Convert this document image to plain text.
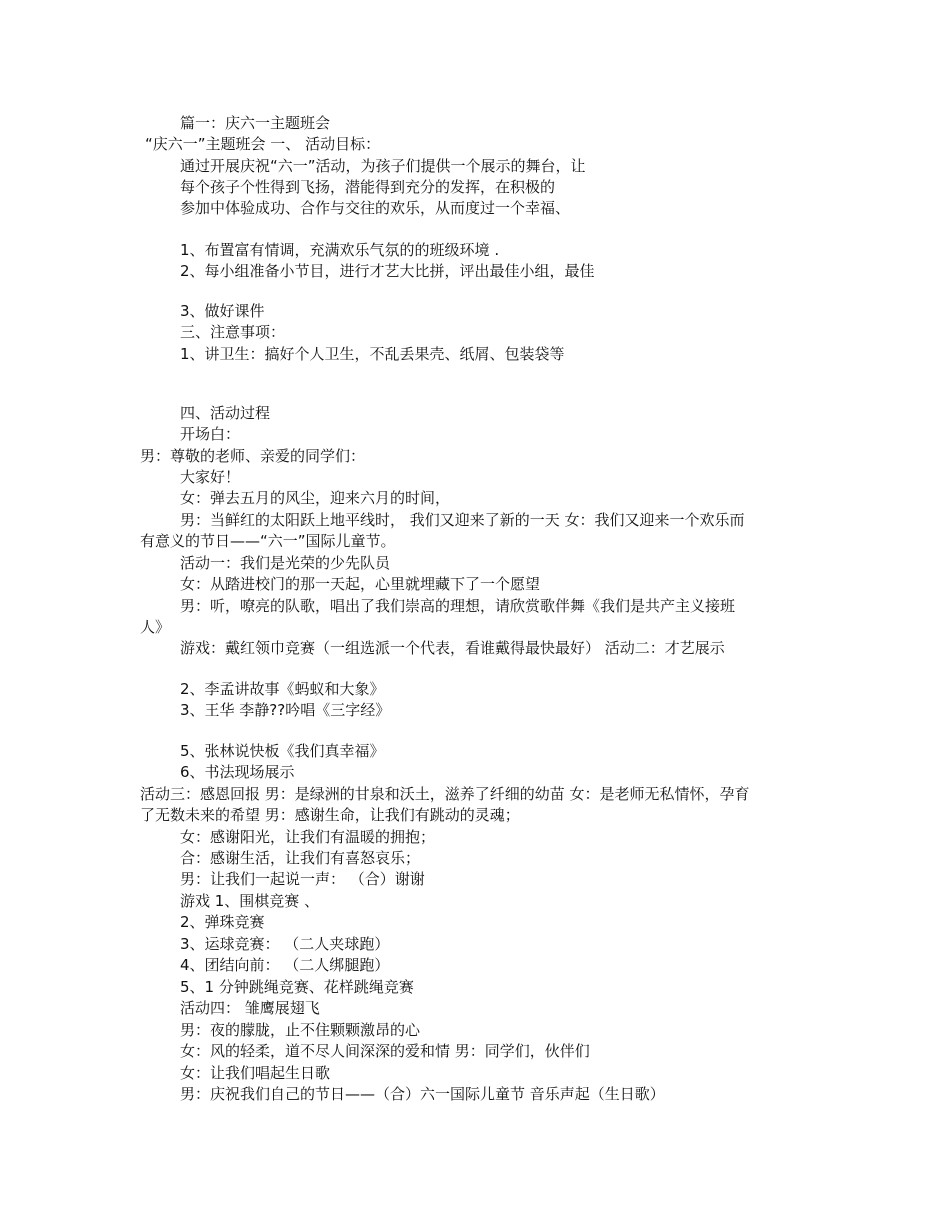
篇一：庆六一主题班会
“庆六一”主题班会 一、 活动目标：
通过开展庆祝“六一”活动，为孩子们提供一个展示的舞台，让
每个孩子个性得到飞扬，潜能得到充分的发挥，在积极的
参加中体验成功、合作与交往的欢乐，从而度过一个幸福、
1、布置富有情调，充满欢乐气氛的的班级环境 .
2、每小组准备小节目，进行才艺大比拼，评出最佳小组，最佳
3、做好课件
三、注意事项：
1、讲卫生：搞好个人卫生，不乱丢果壳、纸屑、包装袋等
四、活动过程
开场白：
男：尊敬的老师、亲爱的同学们：
大家好！
女：弹去五月的风尘，迎来六月的时间，
男：当鲜红的太阳跃上地平线时， 我们又迎来了新的一天 女：我们又迎来一个欢乐而
有意义的节日——“六一”国际儿童节。
活动一：我们是光荣的少先队员
女：从踏进校门的那一天起，心里就埋藏下了一个愿望
男：听，嘹亮的队歌，唱出了我们崇高的理想，请欣赏歌伴舞《我们是共产主义接班
人》
游戏：戴红领巾竞赛（一组选派一个代表，看谁戴得最快最好） 活动二：才艺展示
2、李孟讲故事《蚂蚁和大象》
3、王华 李静??吟唱《三字经》
5、张林说快板《我们真幸福》
6、书法现场展示
活动三：感恩回报 男：是绿洲的甘泉和沃土，滋养了纤细的幼苗 女：是老师无私情怀，孕育
了无数未来的希望 男：感谢生命，让我们有跳动的灵魂；
女：感谢阳光，让我们有温暖的拥抱；
合：感谢生活，让我们有喜怒哀乐；
男：让我们一起说一声： （合）谢谢
游戏 1、围棋竞赛 、
2、弹珠竞赛
3、运球竞赛： （二人夹球跑）
4、团结向前： （二人绑腿跑）
5、1 分钟跳绳竞赛、花样跳绳竞赛
活动四： 雏鹰展翅飞
男：夜的朦胧，止不住颗颗激昂的心
女：风的轻柔，道不尽人间深深的爱和情 男：同学们，伙伴们
女：让我们唱起生日歌
男：庆祝我们自己的节日——（合）六一国际儿童节 音乐声起（生日歌）
